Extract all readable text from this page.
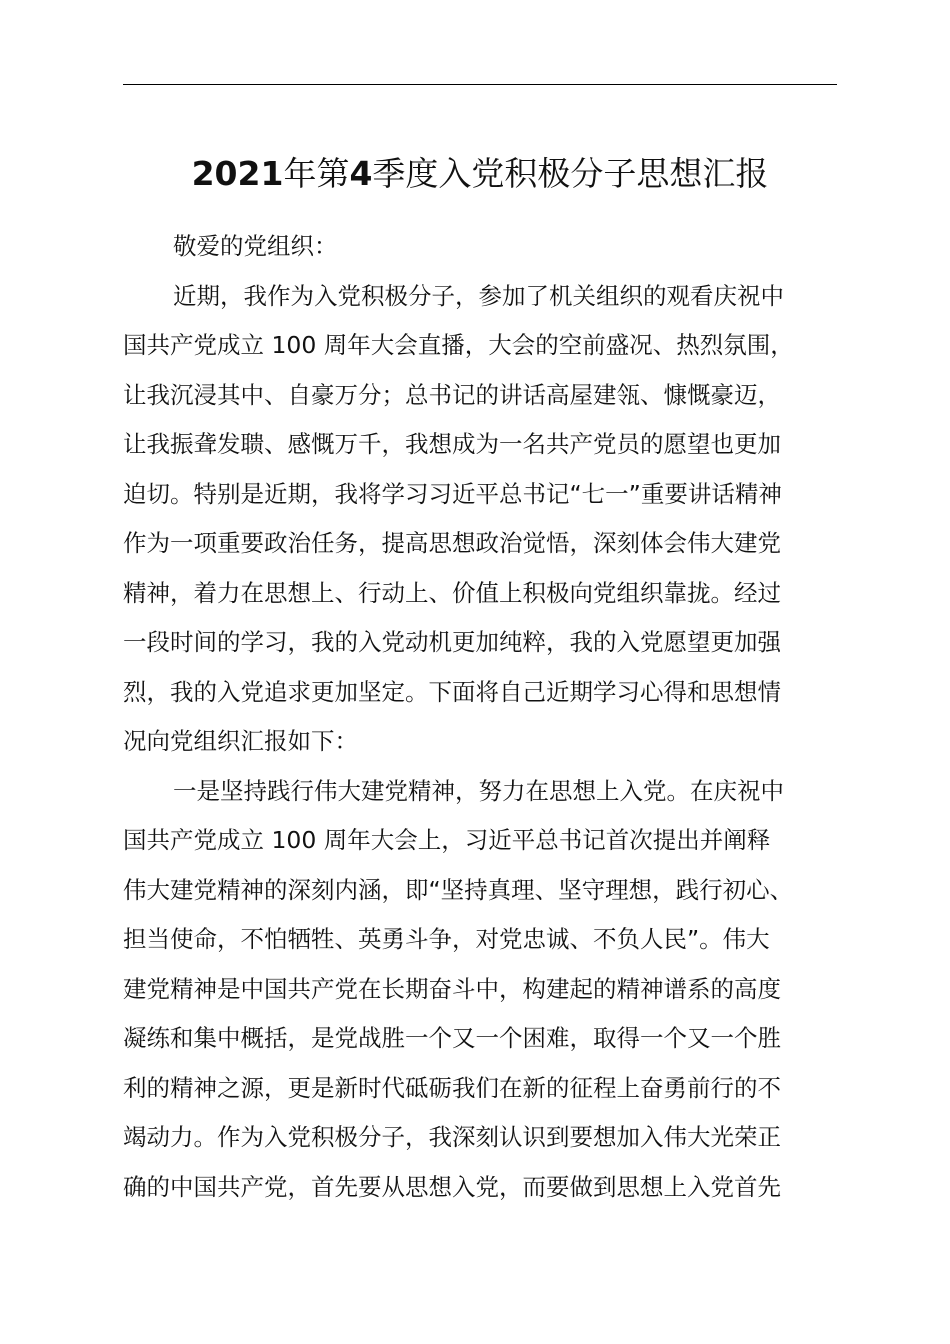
2021年第4季度入党积极分子思想汇报
敬爱的党组织：
近期，我作为入党积极分子，参加了机关组织的观看庆祝中
国共产党成立 100 周年大会直播，大会的空前盛况、热烈氛围，
让我沉浸其中、自豪万分；总书记的讲话高屋建瓴、慷慨豪迈，
让我振聋发聩、感慨万千，我想成为一名共产党员的愿望也更加
迫切。特别是近期，我将学习习近平总书记“七一”重要讲话精神
作为一项重要政治任务，提高思想政治觉悟，深刻体会伟大建党
精神，着力在思想上、行动上、价值上积极向党组织靠拢。经过
一段时间的学习，我的入党动机更加纯粹，我的入党愿望更加强
烈，我的入党追求更加坚定。下面将自己近期学习心得和思想情
况向党组织汇报如下：
一是坚持践行伟大建党精神，努力在思想上入党。在庆祝中
国共产党成立 100 周年大会上，习近平总书记首次提出并阐释
伟大建党精神的深刻内涵，即“坚持真理、坚守理想，践行初心、
担当使命，不怕牺牲、英勇斗争，对党忠诚、不负人民”。伟大
建党精神是中国共产党在长期奋斗中，构建起的精神谱系的高度
凝练和集中概括，是党战胜一个又一个困难，取得一个又一个胜
利的精神之源，更是新时代砥砺我们在新的征程上奋勇前行的不
竭动力。作为入党积极分子，我深刻认识到要想加入伟大光荣正
确的中国共产党，首先要从思想入党，而要做到思想上入党首先
